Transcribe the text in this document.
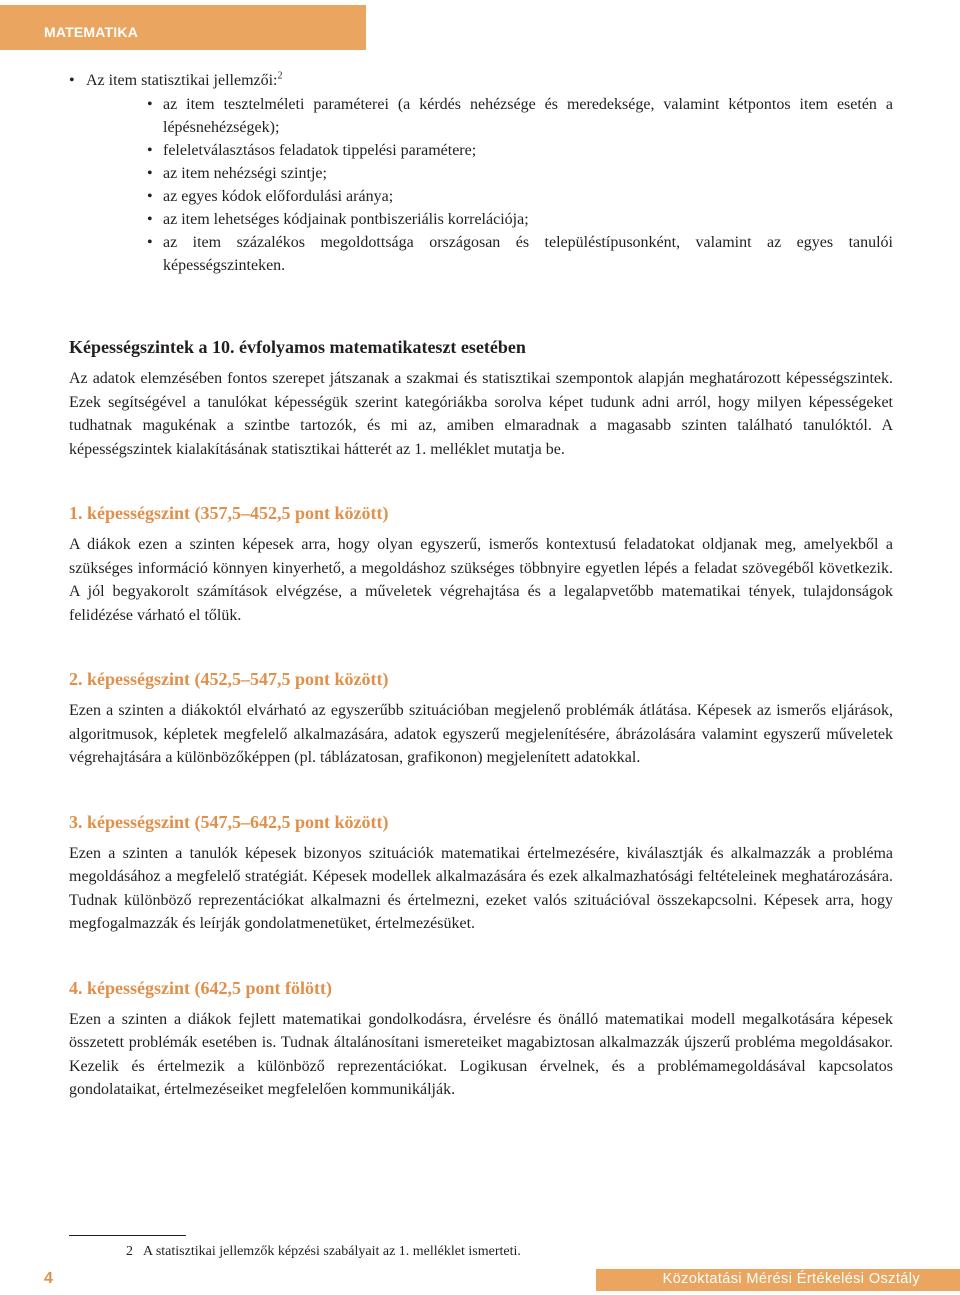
MATEMATIKA
• Az item statisztikai jellemzői:$^2$
• az item tesztelméleti paraméterei (a kérdés nehézsége és meredeksége, valamint kétpontos item esetén a lépésnehézségek);
• feleletválasztásos feladatok tippelési paramétere;
• az item nehézségi szintje;
• az egyes kódok előfordulási aránya;
• az item lehetséges kódjainak pontbiszeriális korrelációja;
• az item százalékos megoldottsága országosan és településtípusonként, valamint az egyes tanulói képességszinteken.
Képességszintek a 10. évfolyamos matematikateszt esetében

Az adatok elemzésében fontos szerepet játszanak a szakmai és statisztikai szempontok alapján meghatározott képességszintek. Ezek segítségével a tanulókat képességük szerint kategóriákba sorolva képet tudunk adni arról, hogy milyen képességeket tudhatnak magukénak a szintbe tartozók, és mi az, amiben elmaradnak a magasabb szinten található tanulóktól. A képességszintek kialakításának statisztikai hátterét az 1. melléklet mutatja be.

1. képességszint (357,5–452,5 pont között)

A diákok ezen a szinten képesek arra, hogy olyan egyszerű, ismerős kontextusú feladatokat oldjanak meg, amelyekből a szükséges információ könnyen kinyerhető, a megoldáshoz szükséges többnyire egyetlen lépés a feladat szövegéből következik. A jól begyakorolt számítások elvégzése, a műveletek végrehajtása és a legalapvetőbb matematikai tények, tulajdonságok felidézése várható el tőlük.

2. képességszint (452,5–547,5 pont között)

Ezen a szinten a diákoktól elvárható az egyszerűbb szituációban megjelenő problémák átlátása. Képesek az ismerős eljárások, algoritmusok, képletek megfelelő alkalmazására, adatok egyszerű megjelenítésére, ábrázolására valamint egyszerű műveletek végrehajtására a különbözőképpen (pl. táblázatosan, grafikonon) megjelenített adatokkal.

3. képességszint (547,5–642,5 pont között)

Ezen a szinten a tanulók képesek bizonyos szituációk matematikai értelmezésére, kiválasztják és alkalmazzák a probléma megoldásához a megfelelő stratégiát. Képesek modellek alkalmazására és ezek alkalmazhatósági feltételeinek meghatározására. Tudnak különböző reprezentációkat alkalmazni és értelmezni, ezeket valós szituációval összekapcsolni. Képesek arra, hogy megfogalmazzák és leírják gondolatmenetüket, értelmezésüket.

4. képességszint (642,5 pont fölött)

Ezen a szinten a diákok fejlett matematikai gondolkodásra, érvelésre és önálló matematikai modell megalkotására képesek összetett problémák esetében is. Tudnak általánosítani ismereteiket magabiztosan alkalmazzák újszerű probléma megoldásakor. Kezelik és értelmezik a különböző reprezentációkat. Logikusan érvelnek, és a problémamegoldásával kapcsolatos gondolataikat, értelmezéseiket megfelelően kommunikálják.

2 A statisztikai jellemzők képzési szabályait az 1. melléklet ismerteti.
4	Közoktatási Mérési Értékelési Osztály
